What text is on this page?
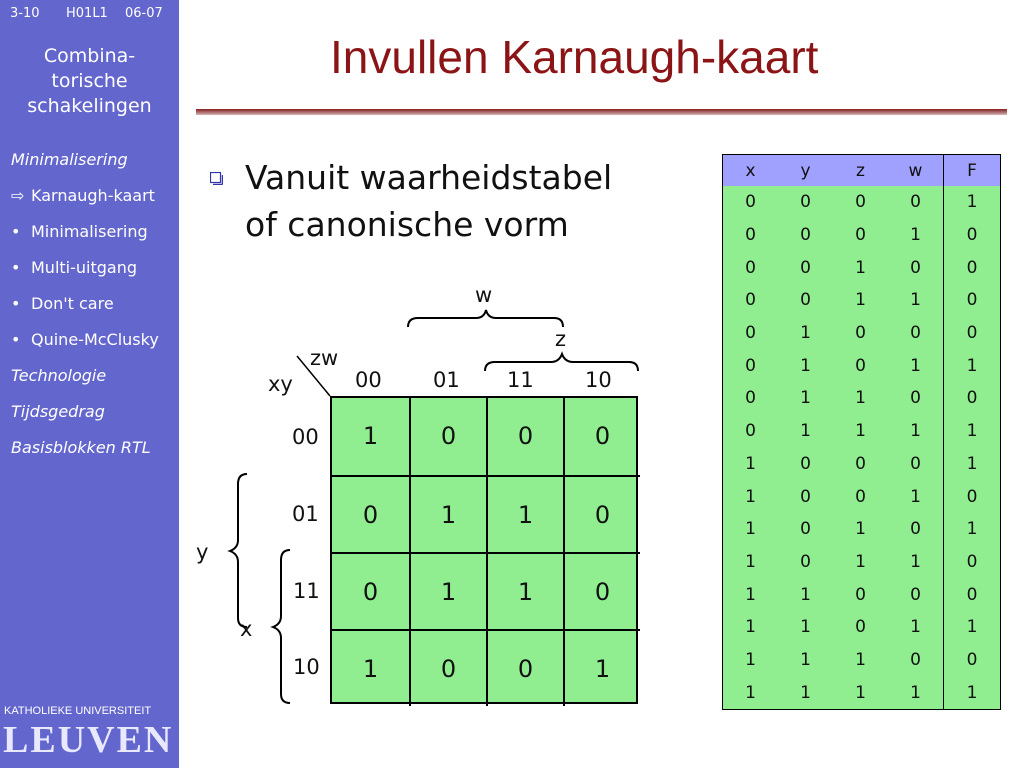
3-10 H01L1 06-07
Combina-
torische
schakelingen
Minimalisering
⇨ Karnaugh-kaart
• Minimalisering
• Multi-uitgang
• Don't care
• Quine-McClusky
Technologie
Tijdsgedrag
Basisblokken RTL
KATHOLIEKE UNIVERSITEIT
LEUVEN
Invullen Karnaugh-kaart
Vanuit waarheidstabel
of canonische vorm
w
z
zw
xy
y
x
00 01 11 10
00
01
11
10
1	0	0	0
0	1	1	0
0	1	1	0
1	0	0	1
x	y	z	w	F
0	0	0	0	1
0	0	0	1	0
0	0	1	0	0
0	0	1	1	0
0	1	0	0	0
0	1	0	1	1
0	1	1	0	0
0	1	1	1	1
1	0	0	0	1
1	0	0	1	0
1	0	1	0	1
1	0	1	1	0
1	1	0	0	0
1	1	0	1	1
1	1	1	0	0
1	1	1	1	1
